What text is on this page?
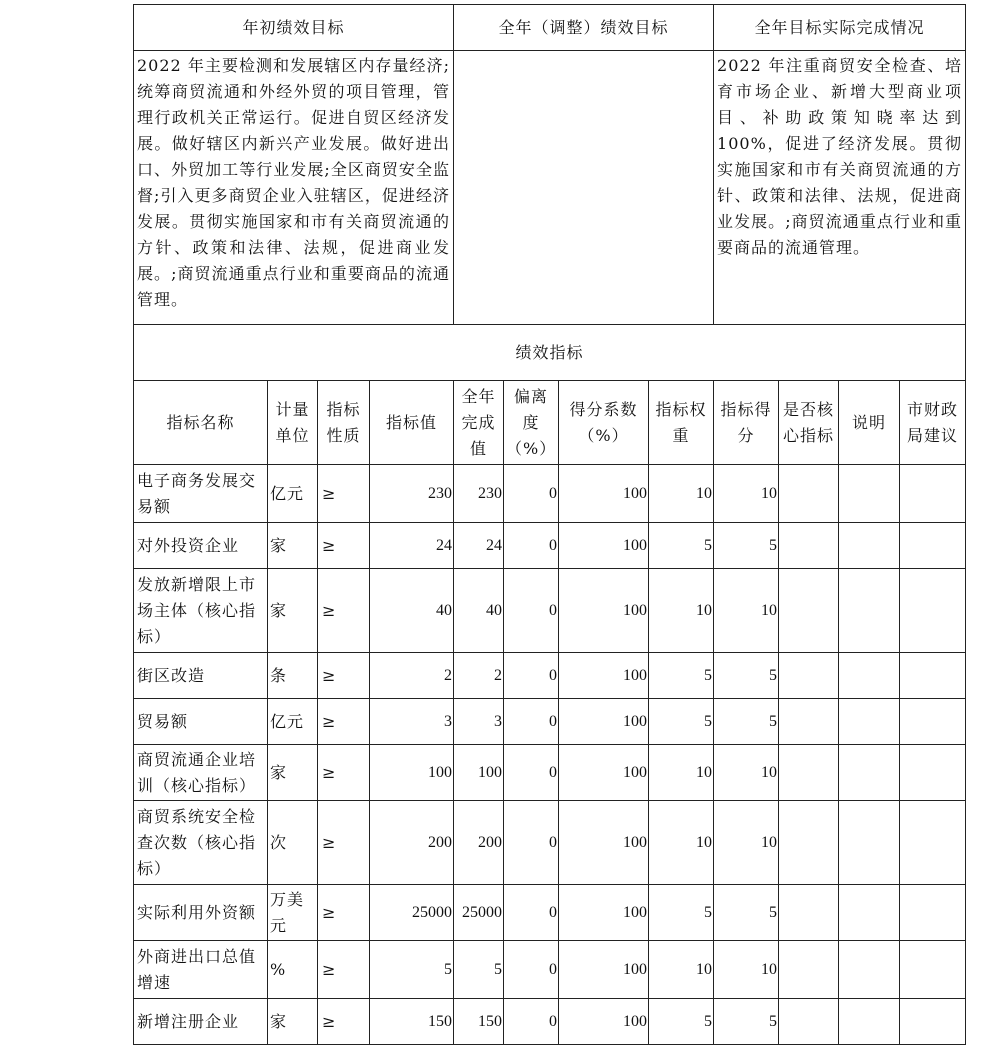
年初绩效目标				全年（调整）绩效目标				全年目标实际完成情况			
2022 年主要检测和发展辖区内存量经济;统筹商贸流通和外经外贸的项目管理，管理行政机关正常运行。促进自贸区经济发展。做好辖区内新兴产业发展。做好进出口、外贸加工等行业发展;全区商贸安全监督;引入更多商贸企业入驻辖区，促进经济发展。贯彻实施国家和市有关商贸流通的方针、政策和法律、法规，促进商业发展。;商贸流通重点行业和重要商品的流通管理。								2022 年注重商贸安全检查、培育市场企业、新增大型商业项目、补助政策知晓率达到 100%，促进了经济发展。贯彻实施国家和市有关商贸流通的方针、政策和法律、法规，促进商业发展。;商贸流通重点行业和重要商品的流通管理。			
绩效指标											
指标名称	计量单位	指标性质	指标值	全年完成值	偏离度（%）	得分系数（%）	指标权重	指标得分	是否核心指标	说明	市财政局建议
电子商务发展交易额	亿元	≥	230	230	0	100	10	10			
对外投资企业	家	≥	24	24	0	100	5	5			
发放新增限上市场主体（核心指标）	家	≥	40	40	0	100	10	10			
街区改造	条	≥	2	2	0	100	5	5			
贸易额	亿元	≥	3	3	0	100	5	5			
商贸流通企业培训（核心指标）	家	≥	100	100	0	100	10	10			
商贸系统安全检查次数（核心指标）	次	≥	200	200	0	100	10	10			
实际利用外资额	万美元	≥	25000	25000	0	100	5	5			
外商进出口总值增速	%	≥	5	5	0	100	10	10			
新增注册企业	家	≥	150	150	0	100	5	5			
